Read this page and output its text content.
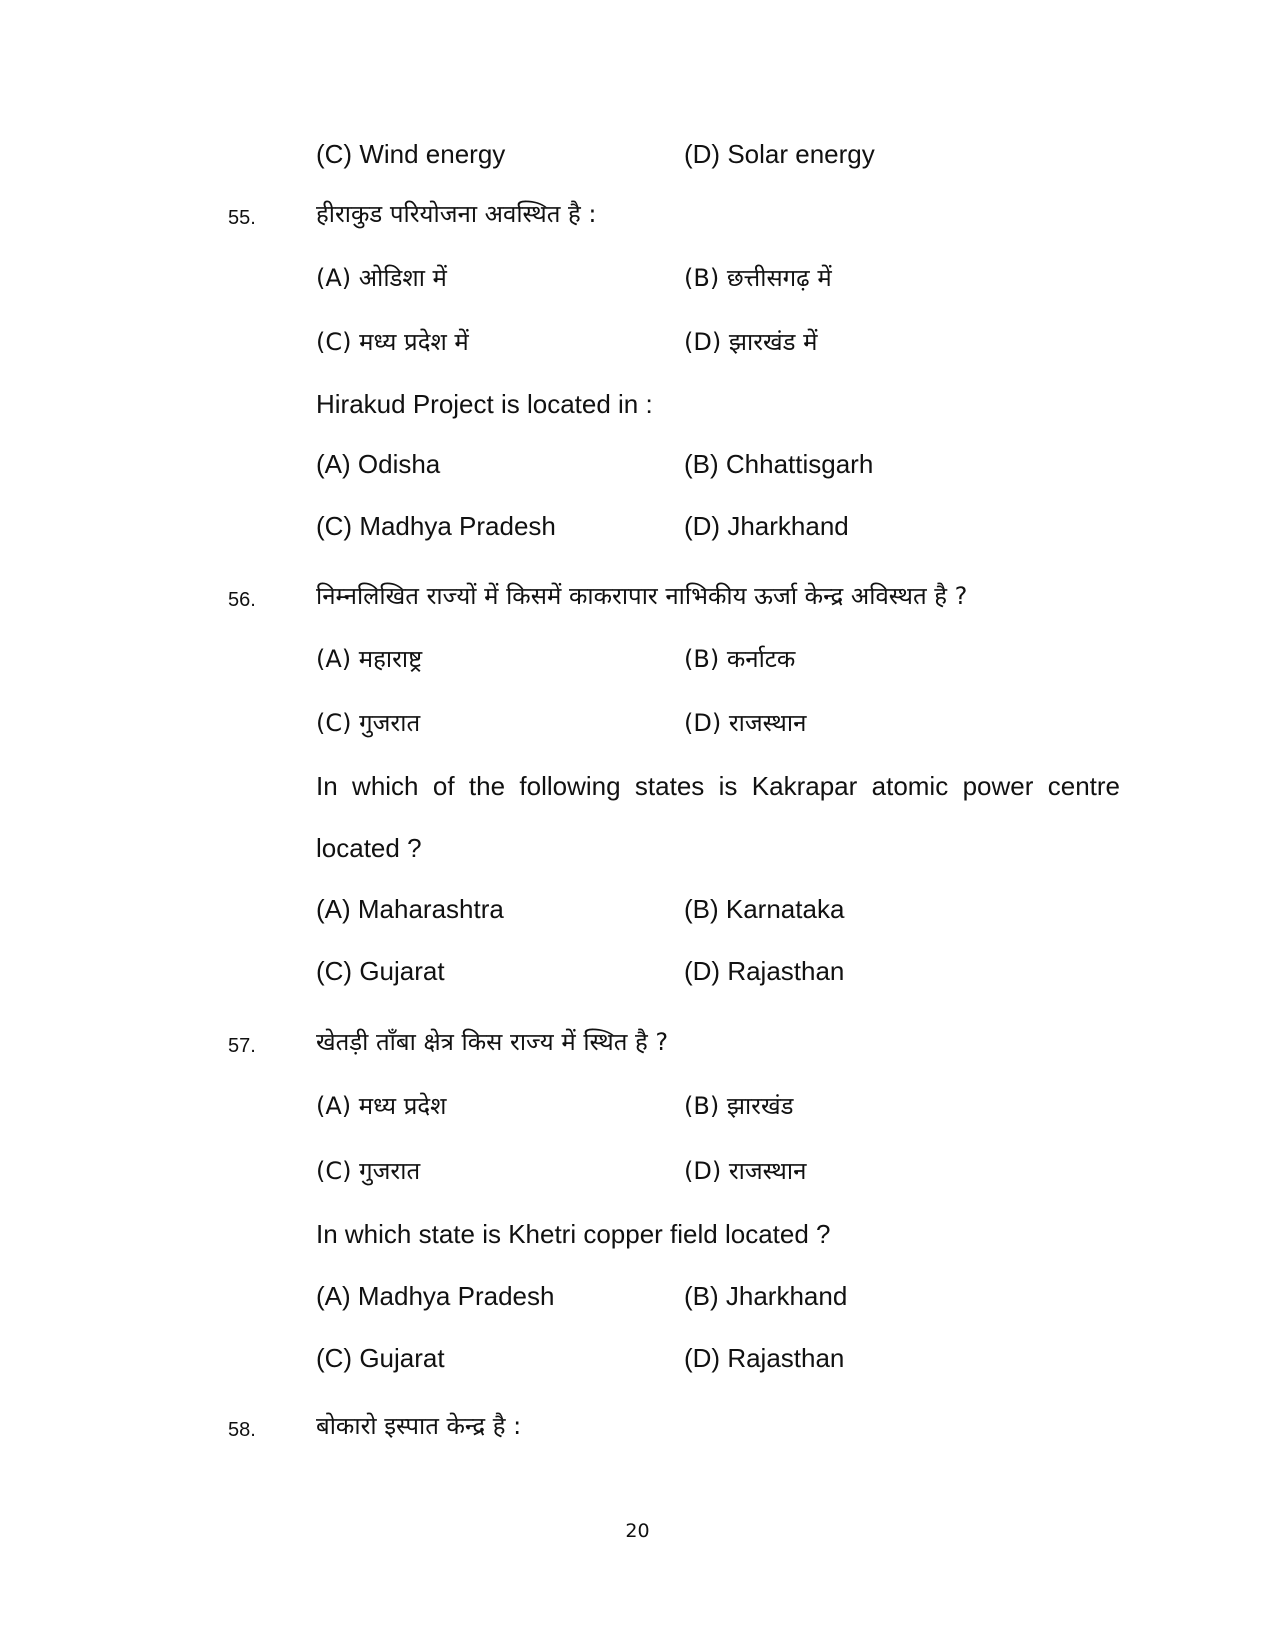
(C) Wind energy	(D) Solar energy
55.	हीराकुड परियोजना अवस्थित है :
(A) ओडिशा में	(B) छत्तीसगढ़ में
(C) मध्य प्रदेश में	(D) झारखंड में
Hirakud Project is located in :
(A) Odisha	(B) Chhattisgarh
(C) Madhya Pradesh	(D) Jharkhand
56.	निम्नलिखित राज्यों में किसमें काकरापार नाभिकीय ऊर्जा केन्द्र अविस्थत है ?
(A) महाराष्ट्र	(B) कर्नाटक
(C) गुजरात	(D) राजस्थान
In which of the following states is Kakrapar atomic power centre
located ?
(A) Maharashtra	(B) Karnataka
(C) Gujarat	(D) Rajasthan
57.	खेतड़ी ताँबा क्षेत्र किस राज्य में स्थित है ?
(A) मध्य प्रदेश	(B) झारखंड
(C) गुजरात	(D) राजस्थान
In which state is Khetri copper field located ?
(A) Madhya Pradesh	(B) Jharkhand
(C) Gujarat	(D) Rajasthan
58.	बोकारो इस्पात केन्द्र है :
20
